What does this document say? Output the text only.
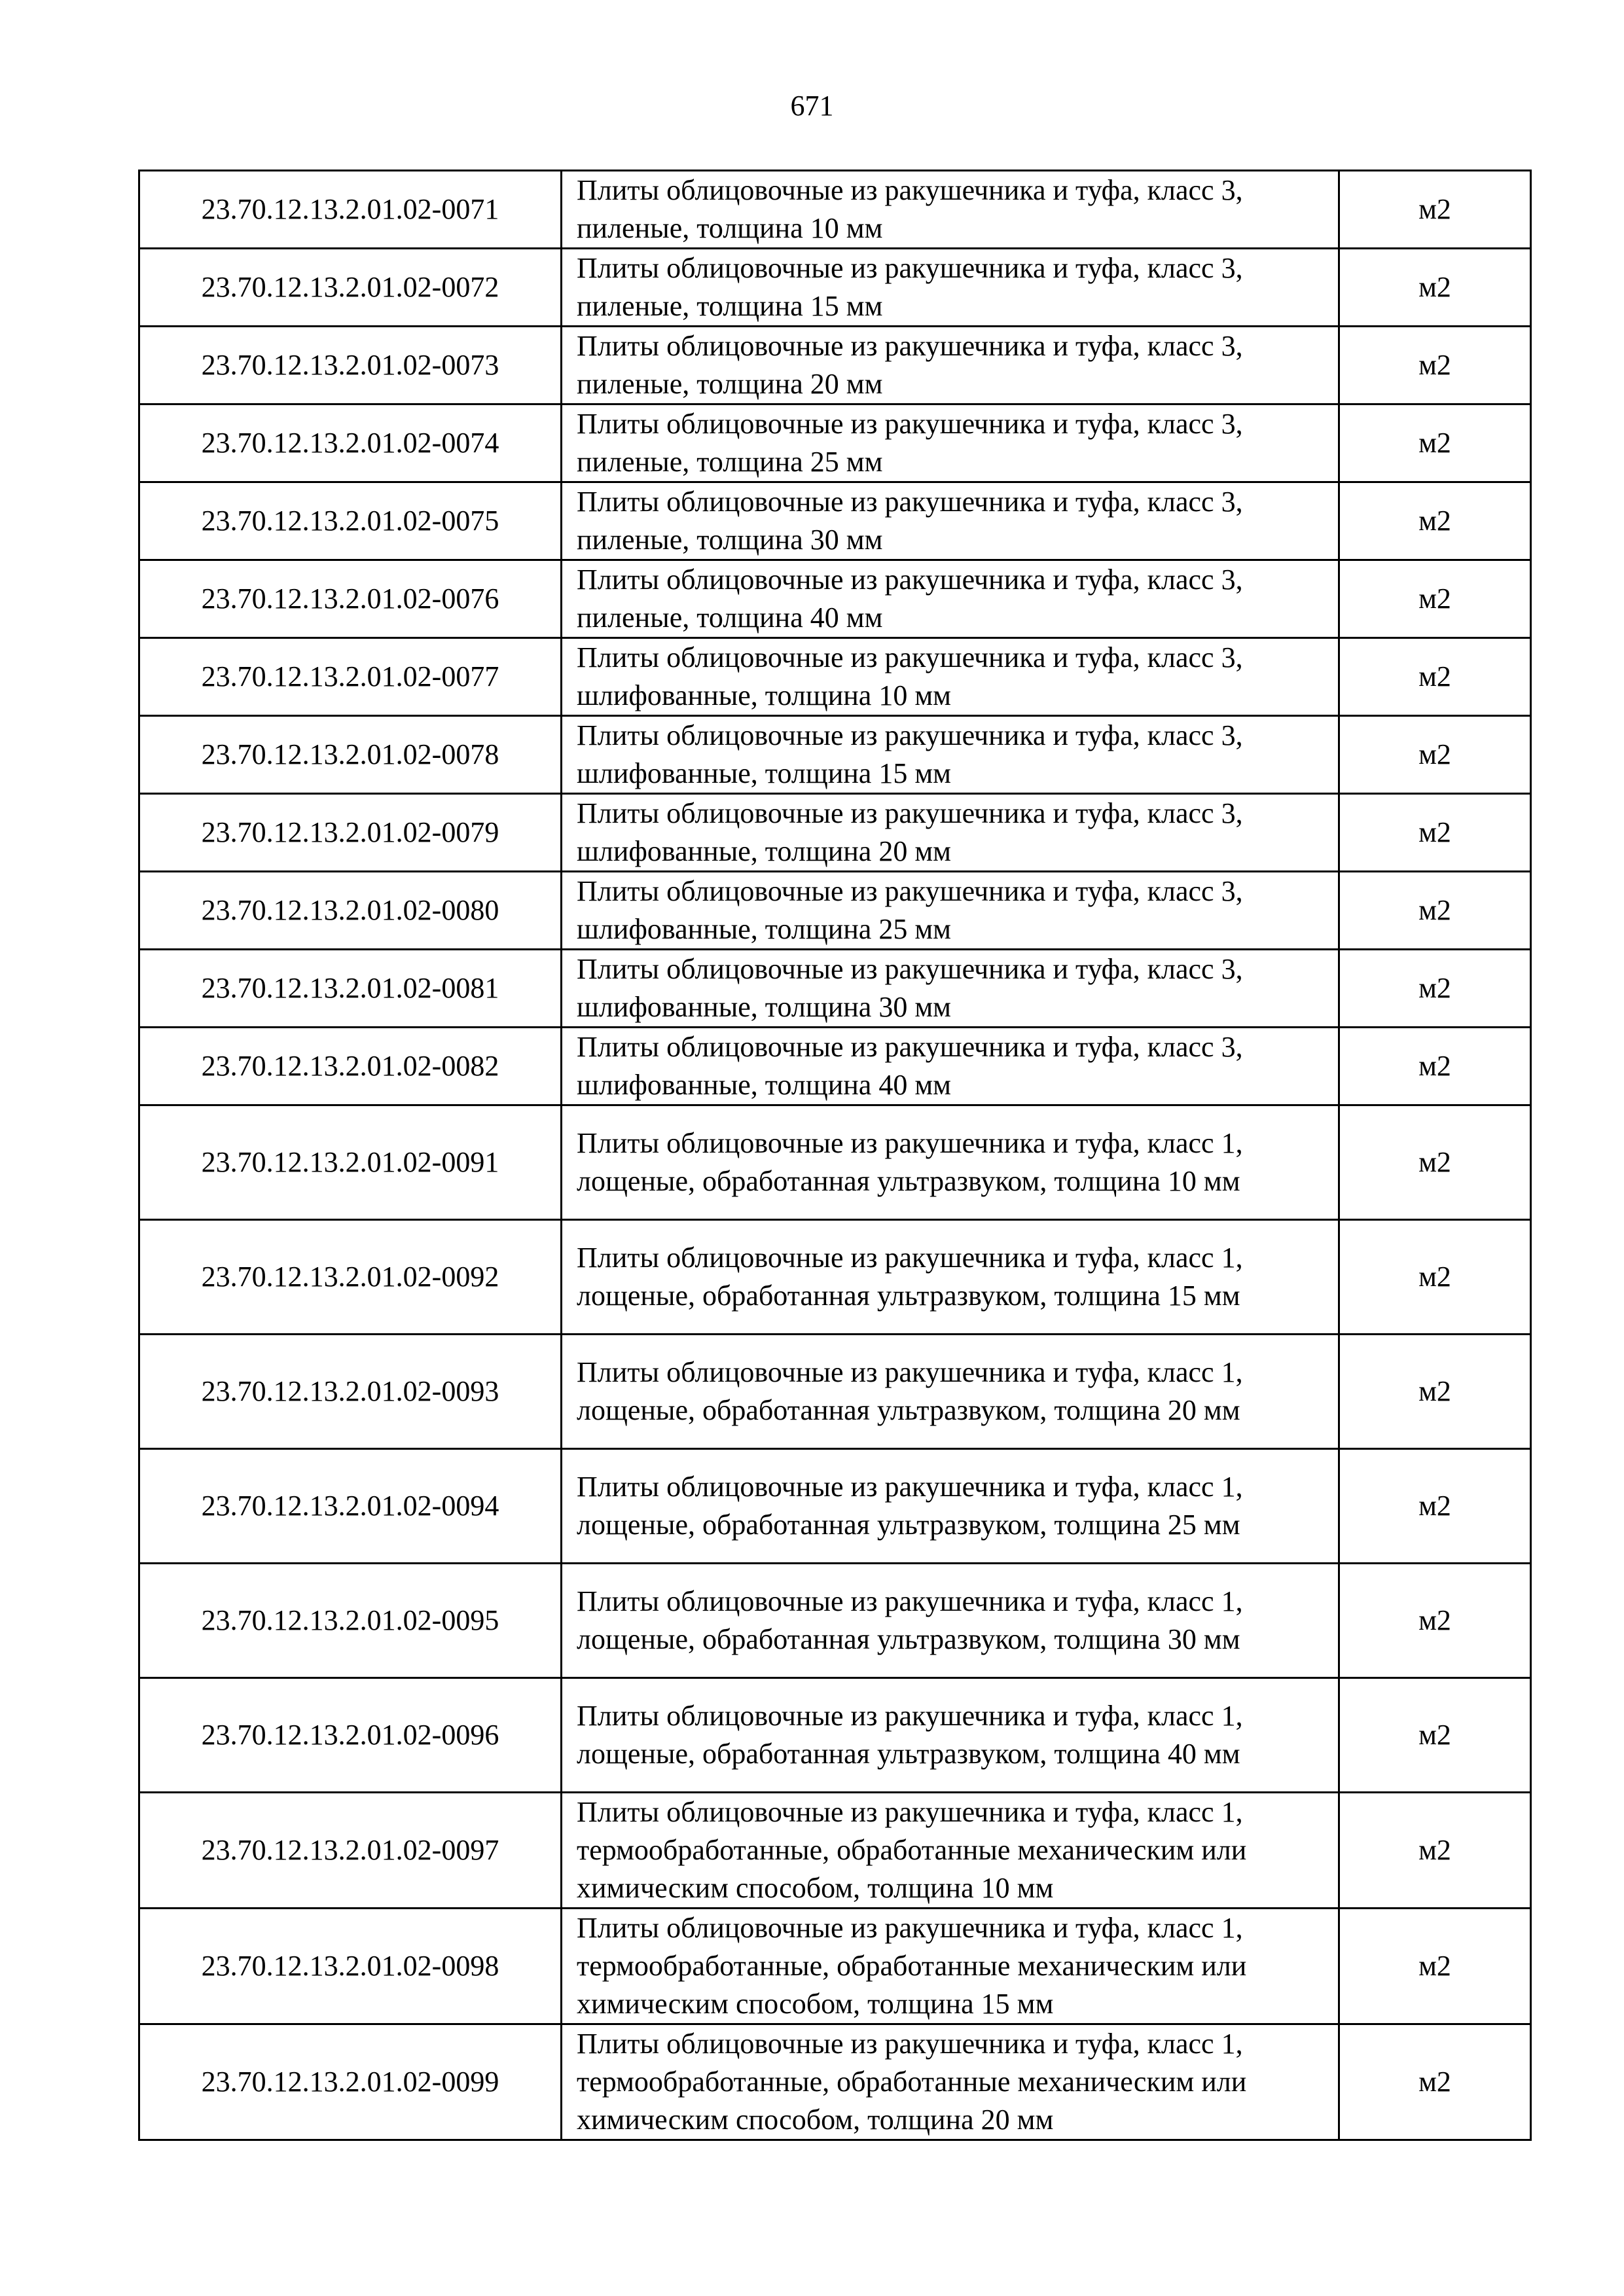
671
23.70.12.13.2.01.02-0071	Плиты облицовочные из ракушечника и туфа, класс 3, пиленые, толщина 10 мм	м2
23.70.12.13.2.01.02-0072	Плиты облицовочные из ракушечника и туфа, класс 3, пиленые, толщина 15 мм	м2
23.70.12.13.2.01.02-0073	Плиты облицовочные из ракушечника и туфа, класс 3, пиленые, толщина 20 мм	м2
23.70.12.13.2.01.02-0074	Плиты облицовочные из ракушечника и туфа, класс 3, пиленые, толщина 25 мм	м2
23.70.12.13.2.01.02-0075	Плиты облицовочные из ракушечника и туфа, класс 3, пиленые, толщина 30 мм	м2
23.70.12.13.2.01.02-0076	Плиты облицовочные из ракушечника и туфа, класс 3, пиленые, толщина 40 мм	м2
23.70.12.13.2.01.02-0077	Плиты облицовочные из ракушечника и туфа, класс 3, шлифованные, толщина 10 мм	м2
23.70.12.13.2.01.02-0078	Плиты облицовочные из ракушечника и туфа, класс 3, шлифованные, толщина 15 мм	м2
23.70.12.13.2.01.02-0079	Плиты облицовочные из ракушечника и туфа, класс 3, шлифованные, толщина 20 мм	м2
23.70.12.13.2.01.02-0080	Плиты облицовочные из ракушечника и туфа, класс 3, шлифованные, толщина 25 мм	м2
23.70.12.13.2.01.02-0081	Плиты облицовочные из ракушечника и туфа, класс 3, шлифованные, толщина 30 мм	м2
23.70.12.13.2.01.02-0082	Плиты облицовочные из ракушечника и туфа, класс 3, шлифованные, толщина 40 мм	м2
23.70.12.13.2.01.02-0091	Плиты облицовочные из ракушечника и туфа, класс 1, лощеные, обработанная ультразвуком, толщина 10 мм	м2
23.70.12.13.2.01.02-0092	Плиты облицовочные из ракушечника и туфа, класс 1, лощеные, обработанная ультразвуком, толщина 15 мм	м2
23.70.12.13.2.01.02-0093	Плиты облицовочные из ракушечника и туфа, класс 1, лощеные, обработанная ультразвуком, толщина 20 мм	м2
23.70.12.13.2.01.02-0094	Плиты облицовочные из ракушечника и туфа, класс 1, лощеные, обработанная ультразвуком, толщина 25 мм	м2
23.70.12.13.2.01.02-0095	Плиты облицовочные из ракушечника и туфа, класс 1, лощеные, обработанная ультразвуком, толщина 30 мм	м2
23.70.12.13.2.01.02-0096	Плиты облицовочные из ракушечника и туфа, класс 1, лощеные, обработанная ультразвуком, толщина 40 мм	м2
23.70.12.13.2.01.02-0097	Плиты облицовочные из ракушечника и туфа, класс 1, термообработанные, обработанные механическим или химическим способом, толщина 10 мм	м2
23.70.12.13.2.01.02-0098	Плиты облицовочные из ракушечника и туфа, класс 1, термообработанные, обработанные механическим или химическим способом, толщина 15 мм	м2
23.70.12.13.2.01.02-0099	Плиты облицовочные из ракушечника и туфа, класс 1, термообработанные, обработанные механическим или химическим способом, толщина 20 мм	м2
